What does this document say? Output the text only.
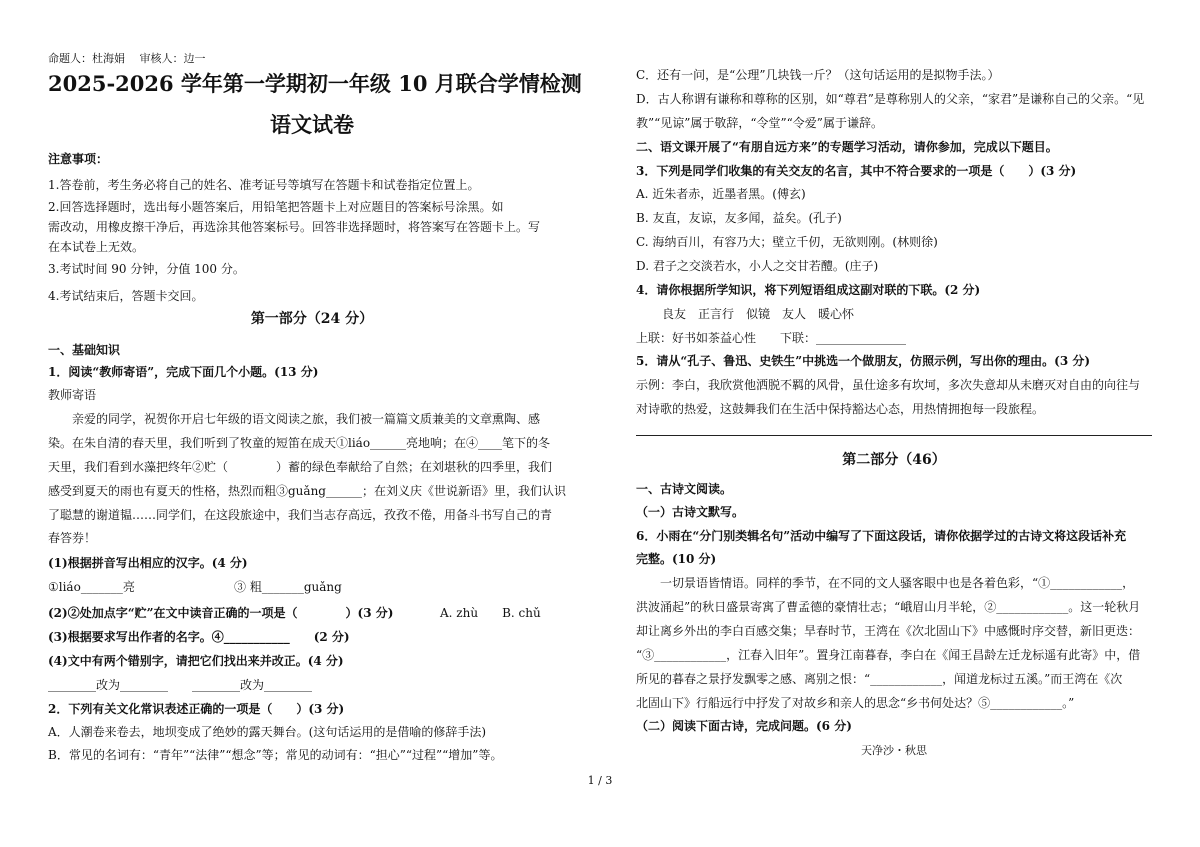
命题人：杜海娟　 审核人：边一
2025-2026 学年第一学期初一年级 10 月联合学情检测
语文试卷
注意事项：
1.答卷前，考生务必将自己的姓名、准考证号等填写在答题卡和试卷指定位置上。
2.回答选择题时，选出每小题答案后，用铅笔把答题卡上对应题目的答案标号涂黑。如
需改动，用橡皮擦干净后，再选涂其他答案标号。回答非选择题时，将答案写在答题卡上。写
在本试卷上无效。
3.考试时间 90 分钟，分值 100 分。
4.考试结束后，答题卡交回。
第一部分（24 分）
一、基础知识
1．阅读“教师寄语”，完成下面几个小题。(13 分)
教师寄语
　　亲爱的同学，祝贺你开启七年级的语文阅读之旅，我们被一篇篇文质兼美的文章熏陶、感
染。在朱自清的春天里，我们听到了牧童的短笛在成天①liáo______亮地响；在④____笔下的冬
天里，我们看到水藻把终年②贮（　　　　）蓄的绿色奉献给了自然；在刘堪秋的四季里，我们
感受到夏天的雨也有夏天的性格，热烈而粗③guǎng______；在刘义庆《世说新语》里，我们认识
了聪慧的谢道韫……同学们，在这段旅途中，我们当志存高远，孜孜不倦，用备斗书写自己的青
春答券！
(1)根据拼音写出相应的汉字。(4 分)
①liáo_______亮	③ 粗_______guǎng
(2)②处加点字“贮”在文中读音正确的一项是（　　　　）(3 分)	A. zhù　　B. chǔ
(3)根据要求写出作者的名字。④___________　　(2 分)
(4)文中有两个错别字，请把它们找出来并改正。(4 分)
________改为________　　________改为________
2．下列有关文化常识表述正确的一项是（　　）(3 分)
A．人潮卷来卷去，地坝变成了绝妙的露天舞台。(这句话运用的是借喻的修辞手法)
B．常见的名词有：“青年”“法律”“想念”等；常见的动词有：“担心”“过程”“增加”等。
C．还有一问，是“公理”几块钱一斤？（这句话运用的是拟物手法。）
D．古人称谓有谦称和尊称的区别，如“尊君”是尊称别人的父亲，“家君”是谦称自己的父亲。“见
教”“见谅”属于敬辞，“令堂”“令爱”属于谦辞。
二、语文课开展了“有朋自远方来”的专题学习活动，请你参加，完成以下题目。
3．下列是同学们收集的有关交友的名言，其中不符合要求的一项是（　　）(3 分)
A. 近朱者赤，近墨者黑。(傅玄)
B. 友直，友谅，友多闻，益矣。(孔子)
C. 海纳百川，有容乃大；壁立千仞，无欲则刚。(林则徐)
D. 君子之交淡若水，小人之交甘若醴。(庄子)
4．请你根据所学知识，将下列短语组成这副对联的下联。(2 分)
良友　正言行　似镜　友人　暖心怀
上联：好书如茶益心性　　下联：_______________
5．请从“孔子、鲁迅、史铁生”中挑选一个做朋友，仿照示例，写出你的理由。(3 分)
示例：李白，我欣赏他洒脱不羁的风骨，虽仕途多有坎坷，多次失意却从未磨灭对自由的向往与
对诗歌的热爱，这鼓舞我们在生活中保持豁达心态，用热情拥抱每一段旅程。
第二部分（46）
一、古诗文阅读。
（一）古诗文默写。
6．小雨在“分门别类辑名句”活动中编写了下面这段话，请你依据学过的古诗文将这段话补充
完整。(10 分)
　　一切景语皆情语。同样的季节，在不同的文人骚客眼中也是各着色彩，“①____________，
洪波涌起”的秋日盛景寄寓了曹孟德的豪情壮志；“峨眉山月半轮，②____________。这一轮秋月
却让离乡外出的李白百感交集；旱春时节，王湾在《次北固山下》中感慨时序交替，新旧更迭：
“③____________，江春入旧年”。置身江南暮春，李白在《闻王昌龄左迁龙标遥有此寄》中，借
所见的暮春之景抒发飘零之感、离别之恨：“____________，闻道龙标过五溪。”而王湾在《次
北固山下》行船远行中抒发了对故乡和亲人的思念“乡书何处达？⑤____________。”
（二）阅读下面古诗，完成问题。(6 分)
天净沙・秋思
1 / 3
